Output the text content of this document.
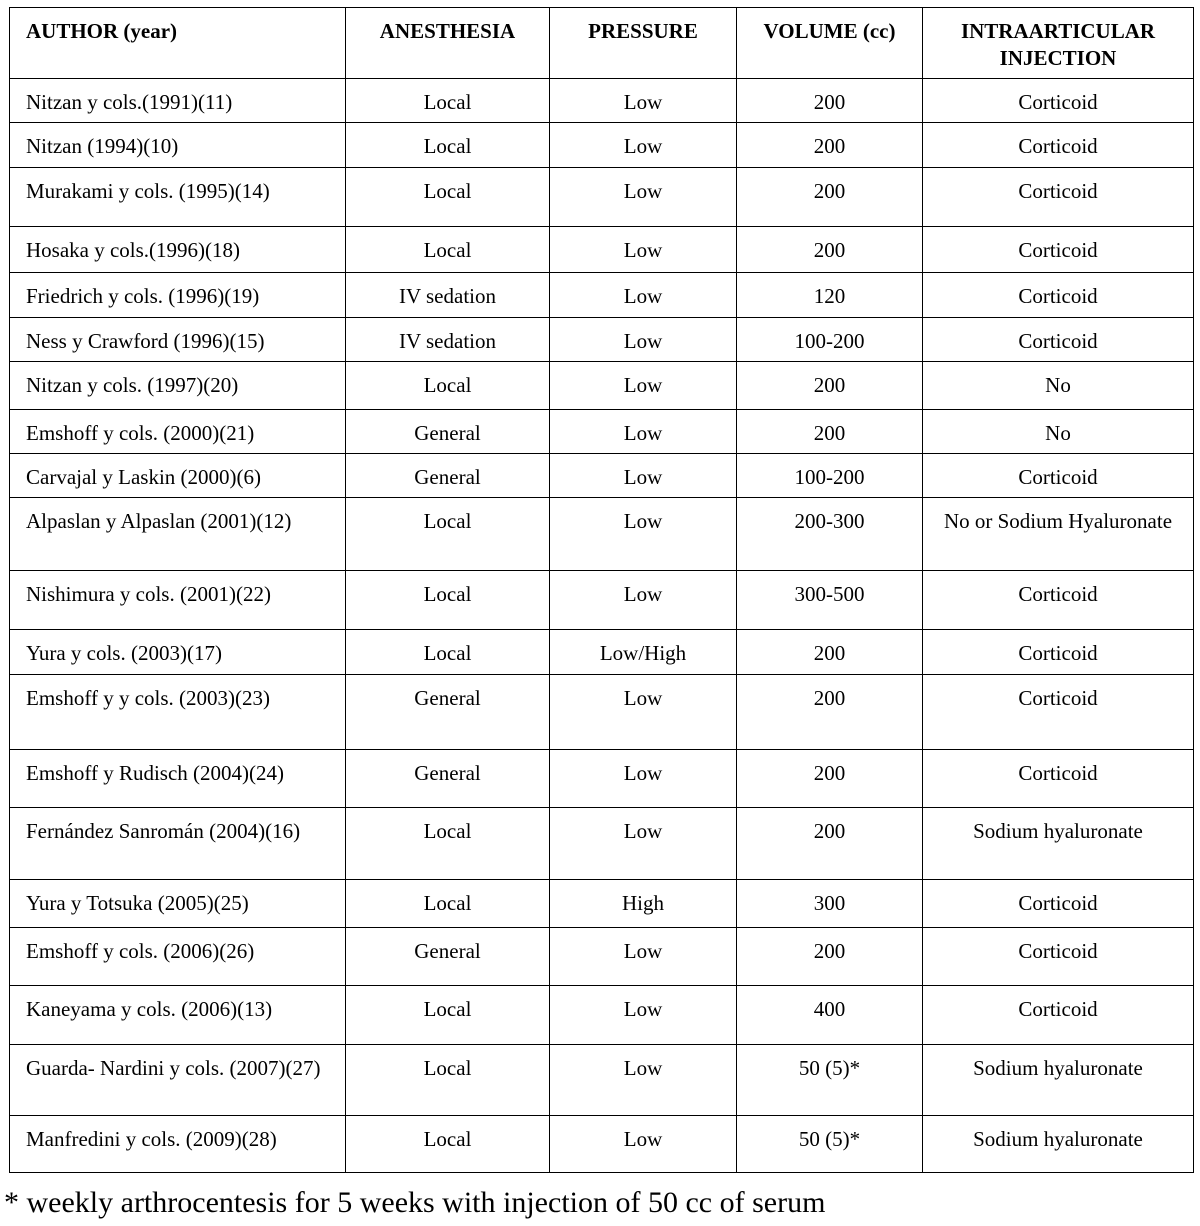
AUTHOR (year)	ANESTHESIA	PRESSURE	VOLUME (cc)	INTRAARTICULAR INJECTION
Nitzan y cols.(1991)(11)	Local	Low	200	Corticoid
Nitzan (1994)(10)	Local	Low	200	Corticoid
Murakami y cols. (1995)(14)	Local	Low	200	Corticoid
Hosaka y cols.(1996)(18)	Local	Low	200	Corticoid
Friedrich y cols. (1996)(19)	IV sedation	Low	120	Corticoid
Ness y Crawford (1996)(15)	IV sedation	Low	100-200	Corticoid
Nitzan y cols. (1997)(20)	Local	Low	200	No
Emshoff y cols. (2000)(21)	General	Low	200	No
Carvajal y Laskin (2000)(6)	General	Low	100-200	Corticoid
Alpaslan y Alpaslan (2001)(12)	Local	Low	200-300	No or Sodium Hyaluronate
Nishimura y cols. (2001)(22)	Local	Low	300-500	Corticoid
Yura y cols. (2003)(17)	Local	Low/High	200	Corticoid
Emshoff y y cols. (2003)(23)	General	Low	200	Corticoid
Emshoff y Rudisch (2004)(24)	General	Low	200	Corticoid
Fernández Sanromán (2004)(16)	Local	Low	200	Sodium hyaluronate
Yura y Totsuka (2005)(25)	Local	High	300	Corticoid
Emshoff y cols. (2006)(26)	General	Low	200	Corticoid
Kaneyama y cols. (2006)(13)	Local	Low	400	Corticoid
Guarda- Nardini y cols. (2007)(27)	Local	Low	50 (5)*	Sodium hyaluronate
Manfredini y cols. (2009)(28)	Local	Low	50 (5)*	Sodium hyaluronate
* weekly arthrocentesis for 5 weeks with injection of 50 cc of serum
